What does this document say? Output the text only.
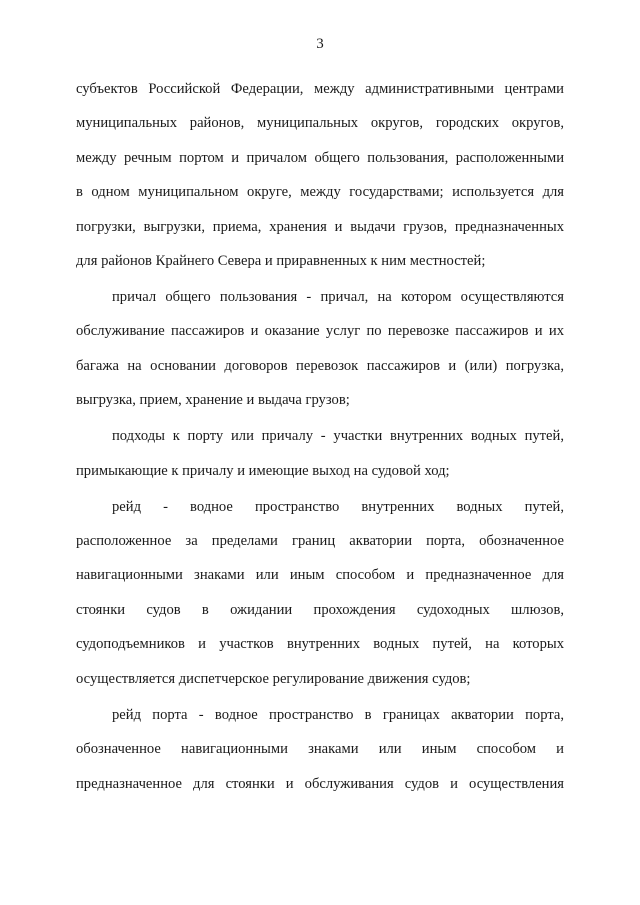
3
субъектов Российской Федерации, между административными центрами
муниципальных районов, муниципальных округов, городских округов,
между речным портом и причалом общего пользования, расположенными
в одном муниципальном округе, между государствами; используется для
погрузки, выгрузки, приема, хранения и выдачи грузов, предназначенных
для районов Крайнего Севера и приравненных к ним местностей;
причал общего пользования - причал, на котором осуществляются
обслуживание пассажиров и оказание услуг по перевозке пассажиров и их
багажа на основании договоров перевозок пассажиров и (или) погрузка,
выгрузка, прием, хранение и выдача грузов;
подходы к порту или причалу - участки внутренних водных путей,
примыкающие к причалу и имеющие выход на судовой ход;
рейд - водное пространство внутренних водных путей,
расположенное за пределами границ акватории порта, обозначенное
навигационными знаками или иным способом и предназначенное для
стоянки судов в ожидании прохождения судоходных шлюзов,
судоподъемников и участков внутренних водных путей, на которых
осуществляется диспетчерское регулирование движения судов;
рейд порта - водное пространство в границах акватории порта,
обозначенное навигационными знаками или иным способом и
предназначенное для стоянки и обслуживания судов и осуществления
